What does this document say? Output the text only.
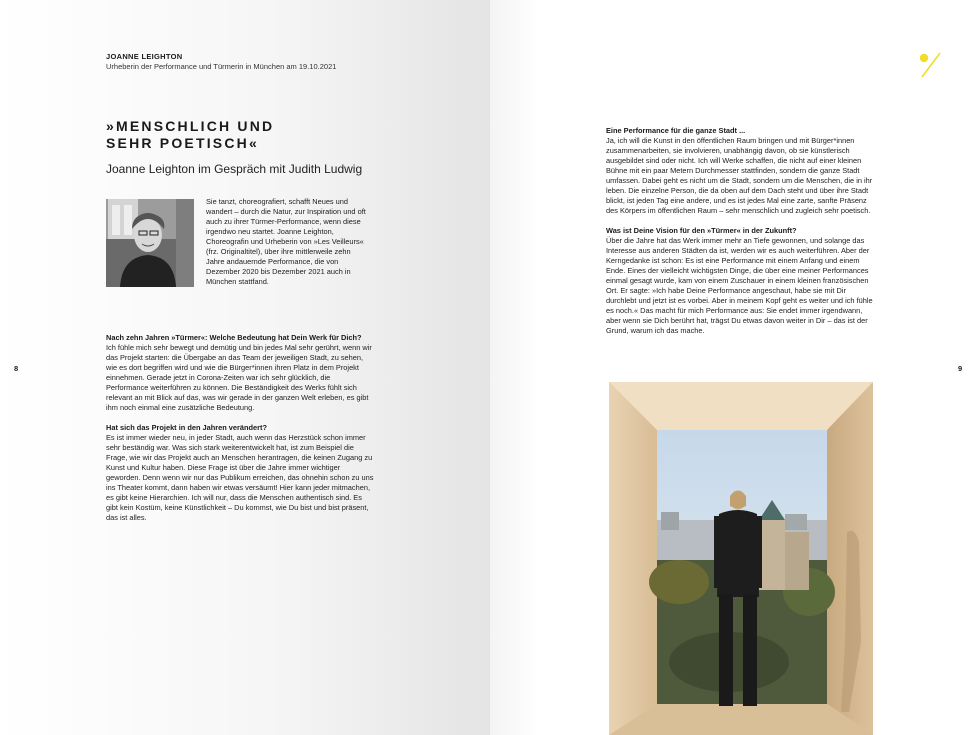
JOANNE LEIGHTON
Urheberin der Performance und Türmerin in München am 19.10.2021
»MENSCHLICH UND
SEHR POETISCH«

Joanne Leighton im Gespräch mit Judith Ludwig

Sie tanzt, choreografiert, schafft Neues und wandert – durch die Natur, zur Inspiration und oft auch zu ihrer Türmer-Performance, wenn diese irgendwo neu startet. Joanne Leighton, Choreografin und Urheberin von »Les Veilleurs« (frz. Originaltitel), über ihre mittlerweile zehn Jahre andauernde Performance, die von Dezember 2020 bis Dezember 2021 auch in München stattfand.

Nach zehn Jahren »Türmer«: Welche Bedeutung hat Dein Werk für Dich?

Ich fühle mich sehr bewegt und demütig und bin jedes Mal sehr gerührt, wenn wir das Projekt starten: die Übergabe an das Team der jeweiligen Stadt, zu sehen, wie es dort begriffen wird und wie die Bürger*innen ihren Platz in dem Projekt einnehmen. Gerade jetzt in Corona-Zeiten war ich sehr glücklich, die Performance weiterführen zu können. Die Beständigkeit des Werks fühlt sich relevant an mit Blick auf das, was wir gerade in der ganzen Welt erleben, es gibt ihm noch einmal eine zusätzliche Bedeutung.

Hat sich das Projekt in den Jahren verändert?

Es ist immer wieder neu, in jeder Stadt, auch wenn das Herzstück schon immer sehr beständig war. Was sich stark weiterentwickelt hat, ist zum Beispiel die Frage, wie wir das Projekt auch an Menschen herantragen, die keinen Zugang zu Kunst und Kultur haben. Diese Frage ist über die Jahre immer wichtiger geworden. Denn wenn wir nur das Publikum erreichen, das ohnehin schon zu uns ins Theater kommt, dann haben wir etwas versäumt! Hier kann jeder mitmachen, es gibt keine Hierarchien. Ich will nur, dass die Menschen authentisch sind. Es gibt kein Kostüm, keine Künstlichkeit – Du kommst, wie Du bist und bist präsent, das ist alles.

8

Eine Performance für die ganze Stadt ...

Ja, ich will die Kunst in den öffentlichen Raum bringen und mit Bürger*innen zusammenarbeiten, sie involvieren, unabhängig davon, ob sie künstlerisch ausgebildet sind oder nicht. Ich will Werke schaffen, die nicht auf einer kleinen Bühne mit ein paar Metern Durchmesser stattfinden, sondern die ganze Stadt umfassen. Dabei geht es nicht um die Stadt, sondern um die Menschen, die in ihr leben. Die einzelne Person, die da oben auf dem Dach steht und über ihre Stadt blickt, ist jeden Tag eine andere, und es ist jedes Mal eine zarte, sanfte Präsenz des Körpers im öffentlichen Raum – sehr menschlich und zugleich sehr poetisch.

Was ist Deine Vision für den »Türmer« in der Zukunft?

Über die Jahre hat das Werk immer mehr an Tiefe gewonnen, und solange das Interesse aus anderen Städten da ist, werden wir es auch weiterführen. Aber der Kerngedanke ist schon: Es ist eine Performance mit einem Anfang und einem Ende. Eines der vielleicht wichtigsten Dinge, die über eine meiner Performances einmal gesagt wurde, kam von einem Zuschauer in einem kleinen französischen Ort. Er sagte: »Ich habe Deine Performance angeschaut, habe sie mit Dir durchlebt und jetzt ist es vorbei. Aber in meinem Kopf geht es weiter und ich fühle es noch.« Das macht für mich Performance aus: Sie endet immer irgendwann, aber wenn sie Dich berührt hat, trägst Du etwas davon weiter in Dir – das ist der Grund, warum ich das mache.

9
